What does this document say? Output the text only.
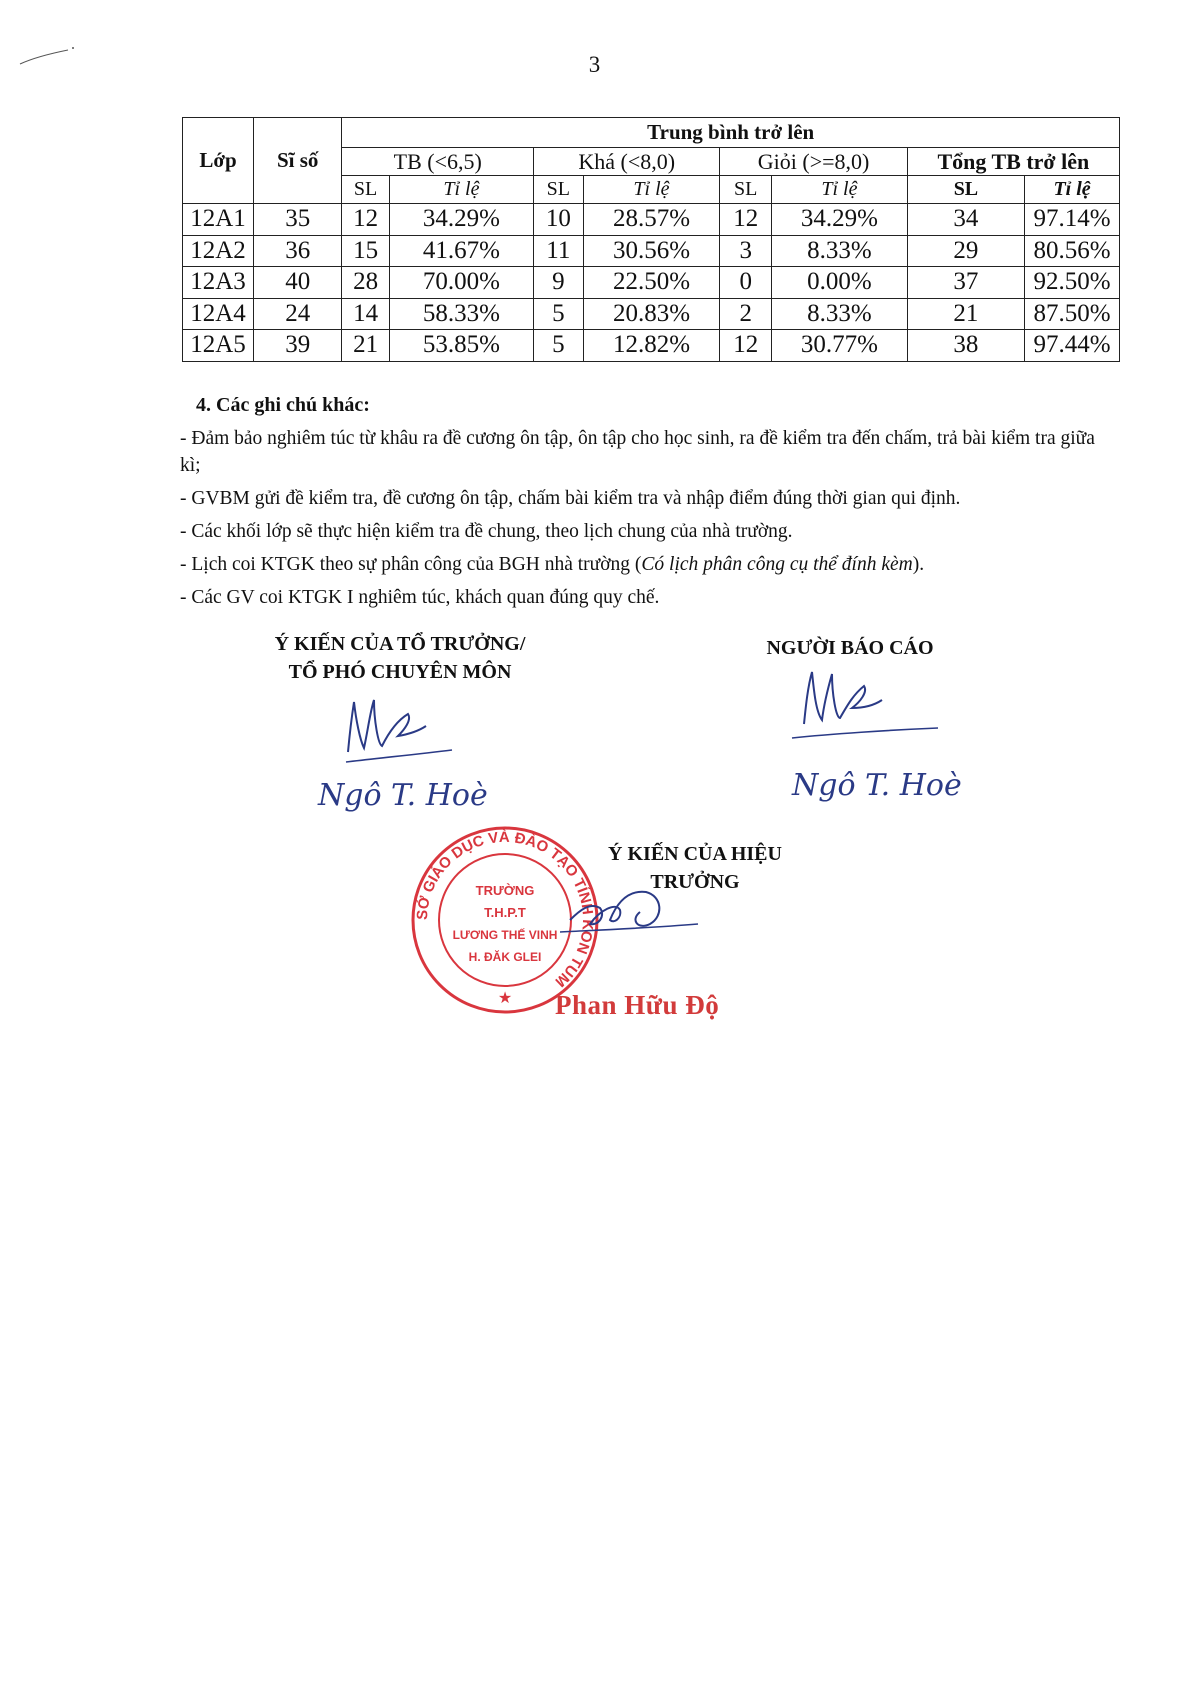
3
Lớp	Sĩ số	Trung bình trở lên							
		TB (<6,5)		Khá (<8,0)		Giỏi (>=8,0)		Tổng TB trở lên	
		SL	Tỉ lệ	SL	Tỉ lệ	SL	Tỉ lệ	SL	Tỉ lệ
12A1	35	12	34.29%	10	28.57%	12	34.29%	34	97.14%
12A2	36	15	41.67%	11	30.56%	3	8.33%	29	80.56%
12A3	40	28	70.00%	9	22.50%	0	0.00%	37	92.50%
12A4	24	14	58.33%	5	20.83%	2	8.33%	21	87.50%
12A5	39	21	53.85%	5	12.82%	12	30.77%	38	97.44%

4. Các ghi chú khác:

- Đảm bảo nghiêm túc từ khâu ra đề cương ôn tập, ôn tập cho học sinh, ra đề kiểm tra đến chấm, trả bài kiểm tra giữa kì;

- GVBM gửi đề kiểm tra, đề cương ôn tập, chấm bài kiểm tra và nhập điểm đúng thời gian qui định.

- Các khối lớp sẽ thực hiện kiểm tra đề chung, theo lịch chung của nhà trường.

- Lịch coi KTGK theo sự phân công của BGH nhà trường (Có lịch phân công cụ thể đính kèm).

- Các GV coi KTGK I nghiêm túc, khách quan đúng quy chế.

Ý KIẾN CỦA TỔ TRƯỞNG/
TỔ PHÓ CHUYÊN MÔN
NGƯỜI BÁO CÁO
Ngô T. Hoè	Ngô T. Hoè
Ý KIẾN CỦA HIỆU TRƯỞNG
SỞ GIÁO DỤC VÀ ĐÀO TẠO TỈNH KON TUM
TRƯỜNG
T.H.P.T
LƯƠNG THẾ VINH
H. ĐĂK GLEI
★ Phan Hữu Độ
